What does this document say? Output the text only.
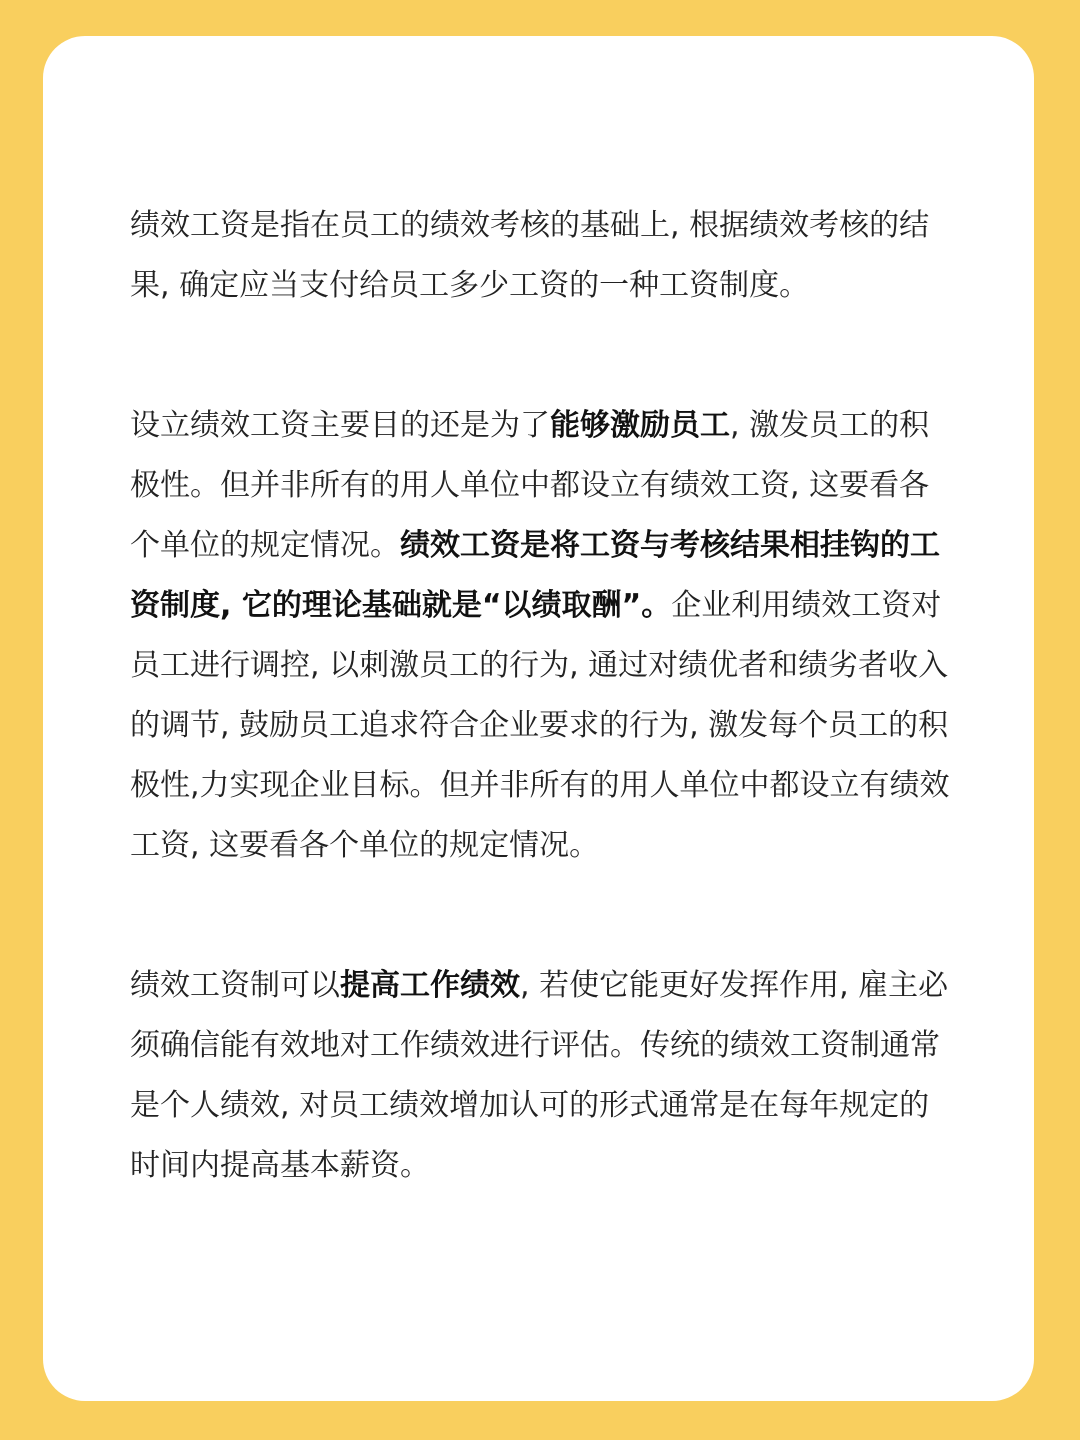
绩效工资是指在员工的绩效考核的基础上, 根据绩效考核的结果, 确定应当支付给员工多少工资的一种工资制度。

设立绩效工资主要目的还是为了能够激励员工, 激发员工的积极性。但并非所有的用人单位中都设立有绩效工资, 这要看各个单位的规定情况。绩效工资是将工资与考核结果相挂钩的工资制度, 它的理论基础就是“以绩取酬”。企业利用绩效工资对员工进行调控, 以刺激员工的行为, 通过对绩优者和绩劣者收入的调节, 鼓励员工追求符合企业要求的行为, 激发每个员工的积极性,力实现企业目标。但并非所有的用人单位中都设立有绩效工资, 这要看各个单位的规定情况。

绩效工资制可以提高工作绩效, 若使它能更好发挥作用, 雇主必须确信能有效地对工作绩效进行评估。传统的绩效工资制通常是个人绩效, 对员工绩效增加认可的形式通常是在每年规定的时间内提高基本薪资。
